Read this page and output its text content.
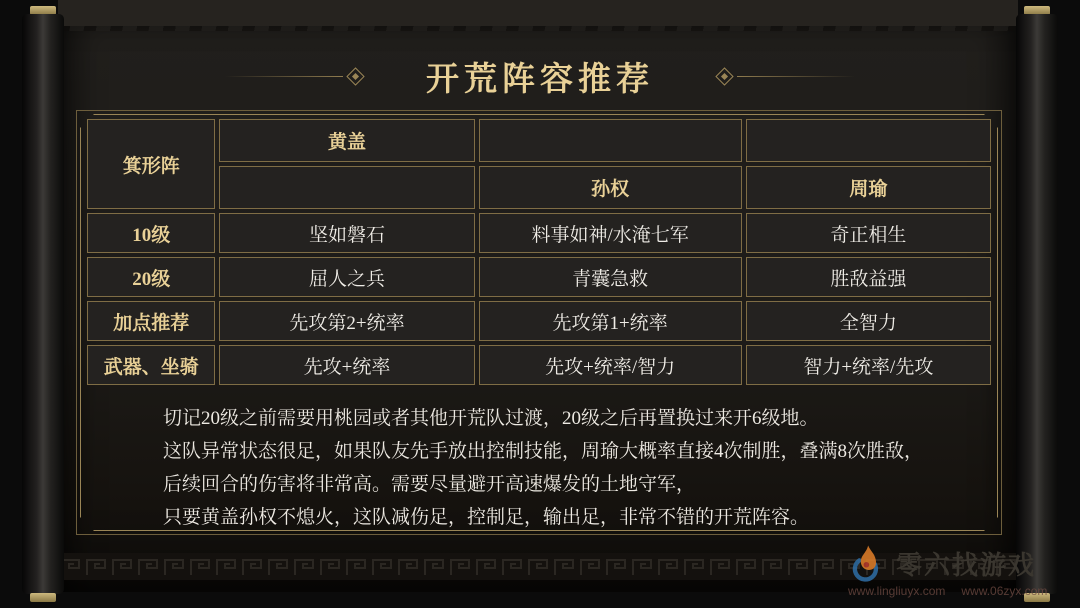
开荒阵容推荐
箕形阵	黄盖		
		孙权	周瑜
10级	坚如磐石	料事如神/水淹七军	奇正相生
20级	屈人之兵	青囊急救	胜敌益强
加点推荐	先攻第2+统率	先攻第1+统率	全智力
武器、坐骑	先攻+统率	先攻+统率/智力	智力+统率/先攻

切记20级之前需要用桃园或者其他开荒队过渡，20级之后再置换过来开6级地。

这队异常状态很足，如果队友先手放出控制技能，周瑜大概率直接4次制胜，叠满8次胜敌，

后续回合的伤害将非常高。需要尽量避开高速爆发的土地守军，

只要黄盖孙权不熄火，这队减伤足，控制足，输出足，非常不错的开荒阵容。

零六找游戏
www.lingliuyx.com www.06zyx.com
